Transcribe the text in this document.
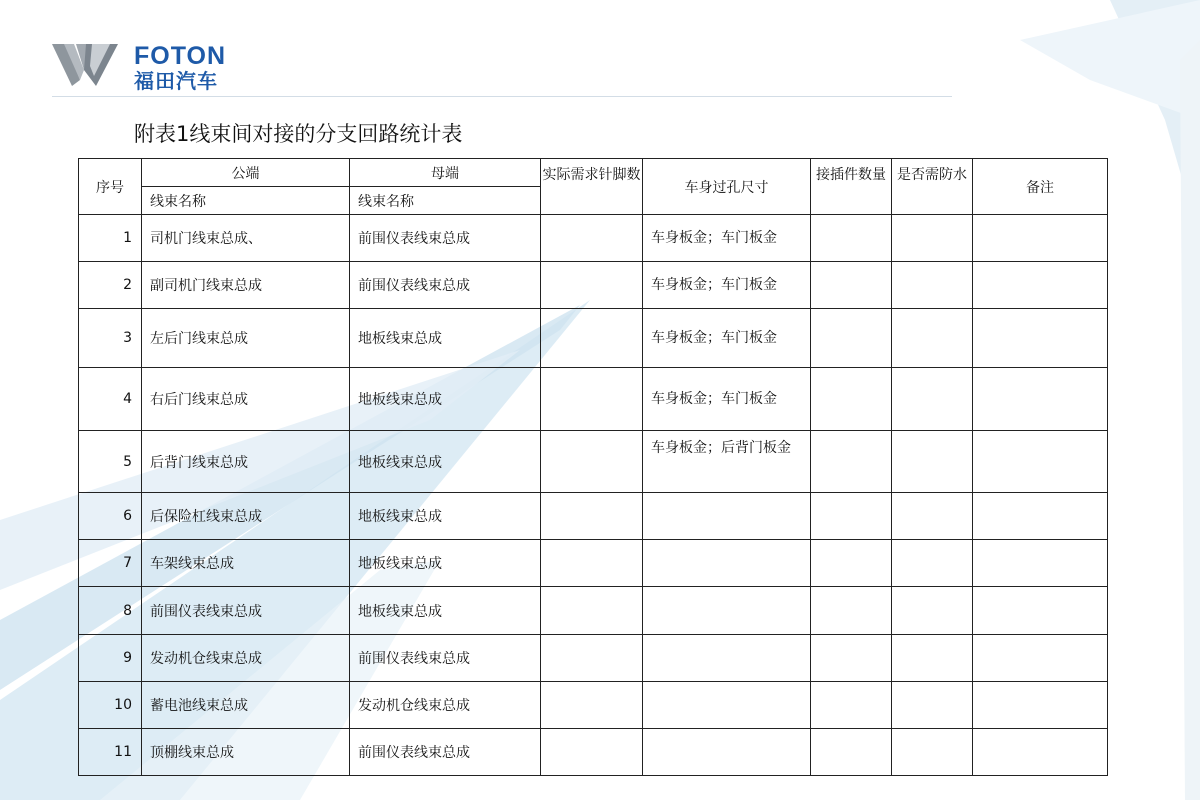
FOTON
福田汽车
附表1线束间对接的分支回路统计表
序号	公端	母端	实际需求针脚数	车身过孔尺寸	接插件数量	是否需防水	备注
	线束名称	线束名称					
1	司机门线束总成、	前围仪表线束总成		车身板金；车门板金			
2	副司机门线束总成	前围仪表线束总成		车身板金；车门板金			
3	左后门线束总成	地板线束总成		车身板金；车门板金			
4	右后门线束总成	地板线束总成		车身板金；车门板金			
5	后背门线束总成	地板线束总成		车身板金；后背门板金			
6	后保险杠线束总成	地板线束总成					
7	车架线束总成	地板线束总成					
8	前围仪表线束总成	地板线束总成					
9	发动机仓线束总成	前围仪表线束总成					
10	蓄电池线束总成	发动机仓线束总成					
11	顶棚线束总成	前围仪表线束总成					
